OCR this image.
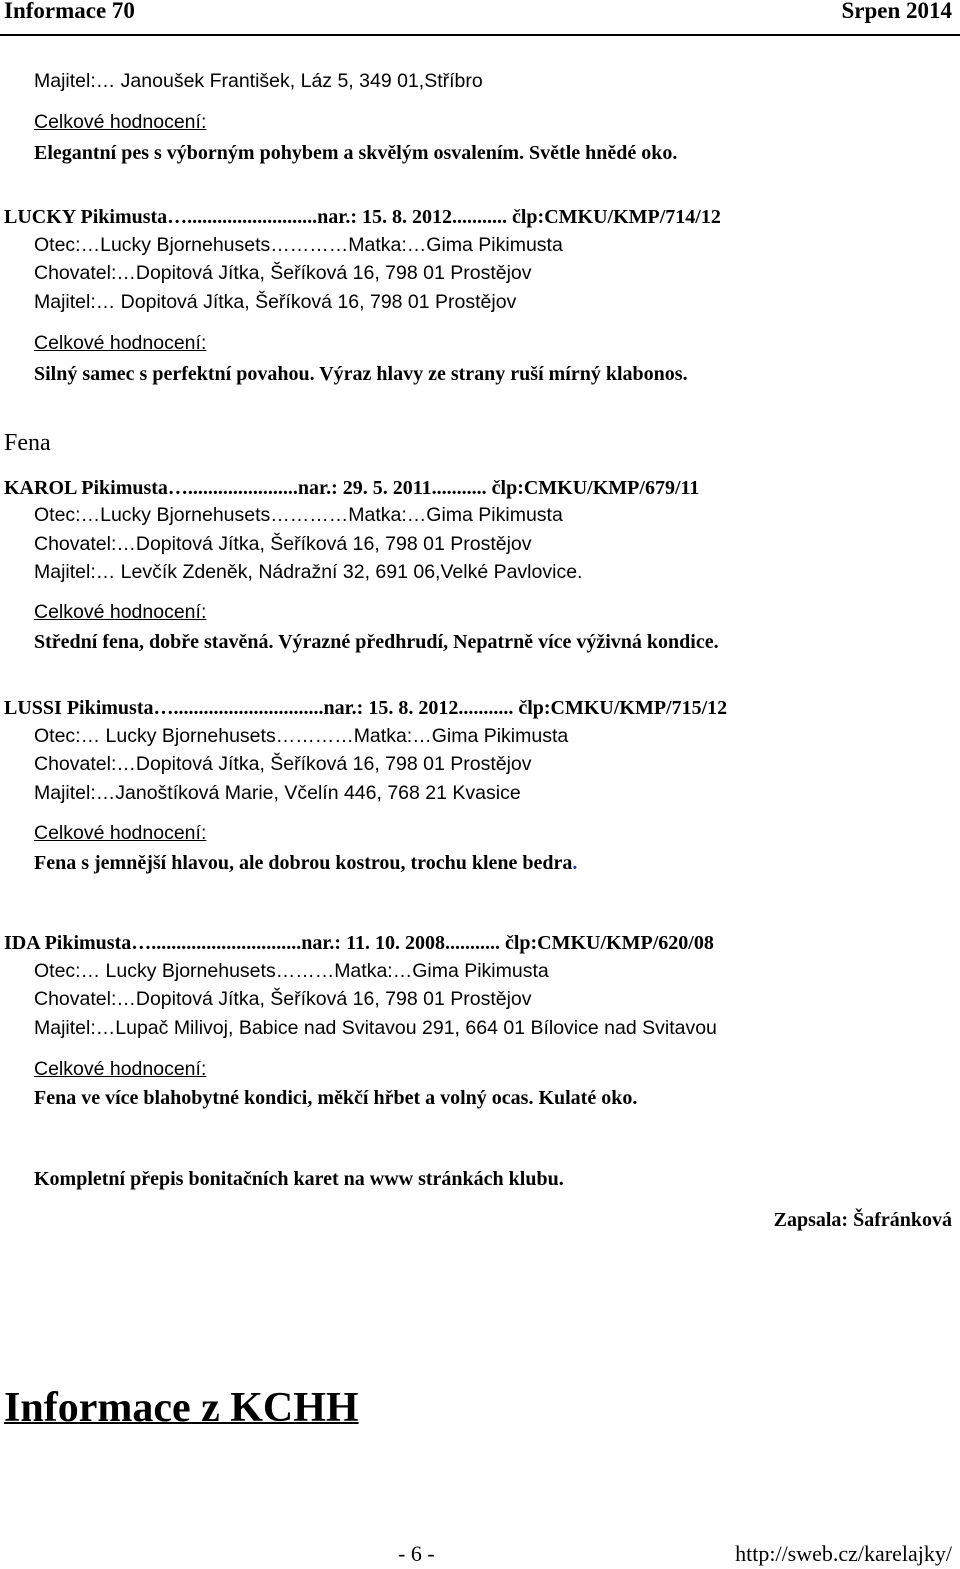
Informace 70	Srpen 2014
Majitel:… Janoušek František, Láz 5, 349 01,Stříbro
Celkové hodnocení:
Elegantní pes s výborným pohybem a skvělým osvalením. Světle hnědé oko.
LUCKY Pikimusta…..........................nar.: 15. 8. 2012........... člp:CMKU/KMP/714/12
Otec:…Lucky Bjornehusets…………Matka:…Gima Pikimusta
Chovatel:…Dopitová Jítka, Šeříková 16, 798 01 Prostějov
Majitel:… Dopitová Jítka, Šeříková 16, 798 01 Prostějov
Celkové hodnocení:
Silný samec s perfektní povahou. Výraz hlavy ze strany ruší mírný klabonos.
Fena
KAROL Pikimusta…......................nar.: 29. 5. 2011........... člp:CMKU/KMP/679/11
Otec:…Lucky Bjornehusets…………Matka:…Gima Pikimusta
Chovatel:…Dopitová Jítka, Šeříková 16, 798 01 Prostějov
Majitel:… Levčík Zdeněk, Nádražní 32, 691 06,Velké Pavlovice.
Celkové hodnocení:
Střední fena, dobře stavěná. Výrazné předhrudí, Nepatrně více výživná kondice.
LUSSI Pikimusta…..............................nar.: 15. 8. 2012........... člp:CMKU/KMP/715/12
Otec:… Lucky Bjornehusets…………Matka:…Gima Pikimusta
Chovatel:…Dopitová Jítka, Šeříková 16, 798 01 Prostějov
Majitel:…Janoštíková Marie, Včelín 446, 768 21 Kvasice
Celkové hodnocení:
Fena s jemnější hlavou, ale dobrou kostrou, trochu klene bedra.
IDA Pikimusta…..............................nar.: 11. 10. 2008........... člp:CMKU/KMP/620/08
Otec:… Lucky Bjornehusets………Matka:…Gima Pikimusta
Chovatel:…Dopitová Jítka, Šeříková 16, 798 01 Prostějov
Majitel:…Lupač Milivoj, Babice nad Svitavou 291, 664 01 Bílovice nad Svitavou
Celkové hodnocení:
Fena ve více blahobytné kondici, měkčí hřbet a volný ocas. Kulaté oko.
Kompletní přepis bonitačních karet na www stránkách klubu.
Zapsala: Šafránková
Informace z KCHH
- 6 -	http://sweb.cz/karelajky/
